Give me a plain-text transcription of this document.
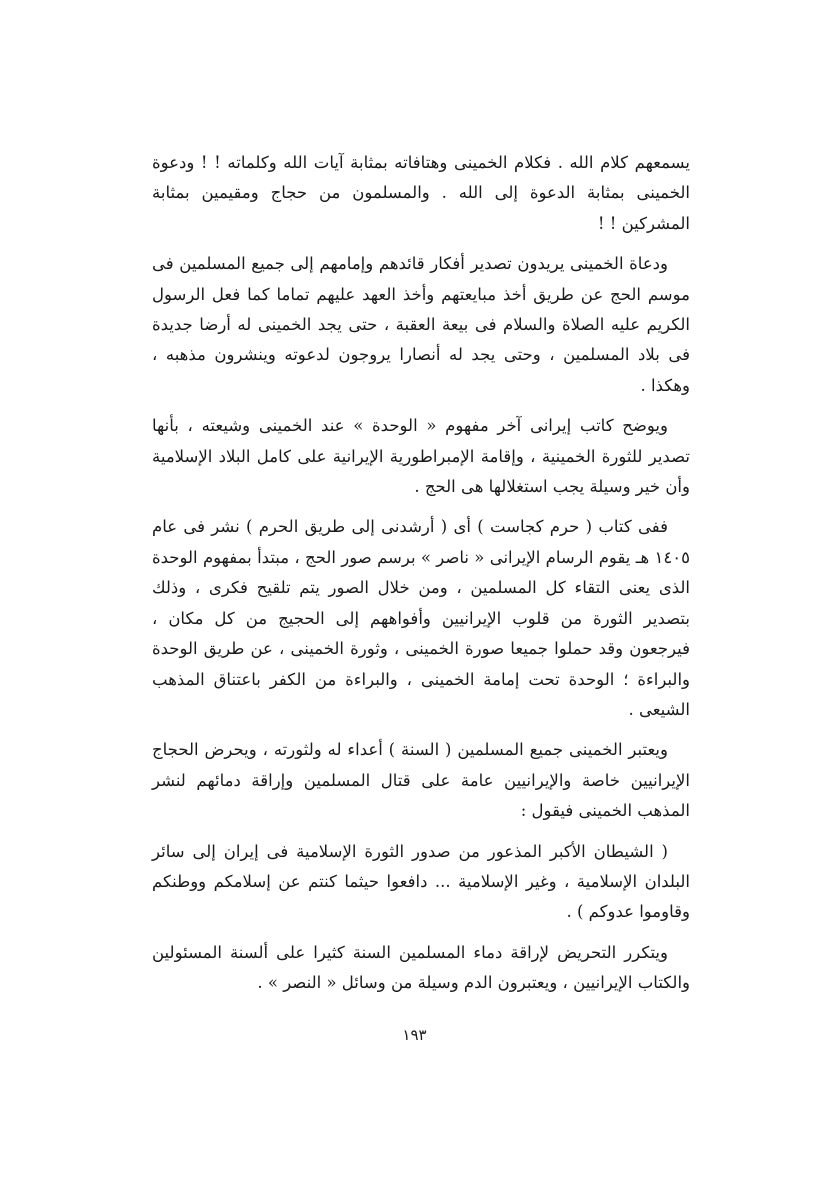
يسمعهم كلام الله . فكلام الخمينى وهتافاته بمثابة آيات الله وكلماته ! ! ودعوة الخمينى بمثابة الدعوة إلى الله . والمسلمون من حجاج ومقيمين بمثابة المشركين ! !

ودعاة الخمينى يريدون تصدير أفكار قائدهم وإمامهم إلى جميع المسلمين فى موسم الحج عن طريق أخذ مبايعتهم وأخذ العهد عليهم تماما كما فعل الرسول الكريم عليه الصلاة والسلام فى بيعة العقبة ، حتى يجد الخمينى له أرضا جديدة فى بلاد المسلمين ، وحتى يجد له أنصارا يروجون لدعوته وينشرون مذهبه ، وهكذا .

ويوضح كاتب إيرانى آخر مفهوم « الوحدة » عند الخمينى وشيعته ، بأنها تصدير للثورة الخمينية ، وإقامة الإمبراطورية الإيرانية على كامل البلاد الإسلامية وأن خير وسيلة يجب استغلالها هى الحج .

ففى كتاب ( حرم كجاست ) أى ( أرشدنى إلى طريق الحرم ) نشر فى عام ١٤٠٥ هـ يقوم الرسام الإيرانى « ناصر » برسم صور الحج ، مبتدأ بمفهوم الوحدة الذى يعنى التقاء كل المسلمين ، ومن خلال الصور يتم تلقيح فكرى ، وذلك بتصدير الثورة من قلوب الإيرانيين وأفواههم إلى الحجيج من كل مكان ، فيرجعون وقد حملوا جميعا صورة الخمينى ، وثورة الخمينى ، عن طريق الوحدة والبراءة ؛ الوحدة تحت إمامة الخمينى ، والبراءة من الكفر باعتناق المذهب الشيعى .

ويعتبر الخمينى جميع المسلمين ( السنة ) أعداء له ولثورته ، ويحرض الحجاج الإيرانيين خاصة والإيرانيين عامة على قتال المسلمين وإراقة دمائهم لنشر المذهب الخمينى فيقول :

( الشيطان الأكبر المذعور من صدور الثورة الإسلامية فى إيران إلى سائر البلدان الإسلامية ، وغير الإسلامية ... دافعوا حيثما كنتم عن إسلامكم ووطنكم وقاوموا عدوكم ) .

ويتكرر التحريض لإراقة دماء المسلمين السنة كثيرا على ألسنة المسئولين والكتاب الإيرانيين ، ويعتبرون الدم وسيلة من وسائل « النصر » .

١٩٣
